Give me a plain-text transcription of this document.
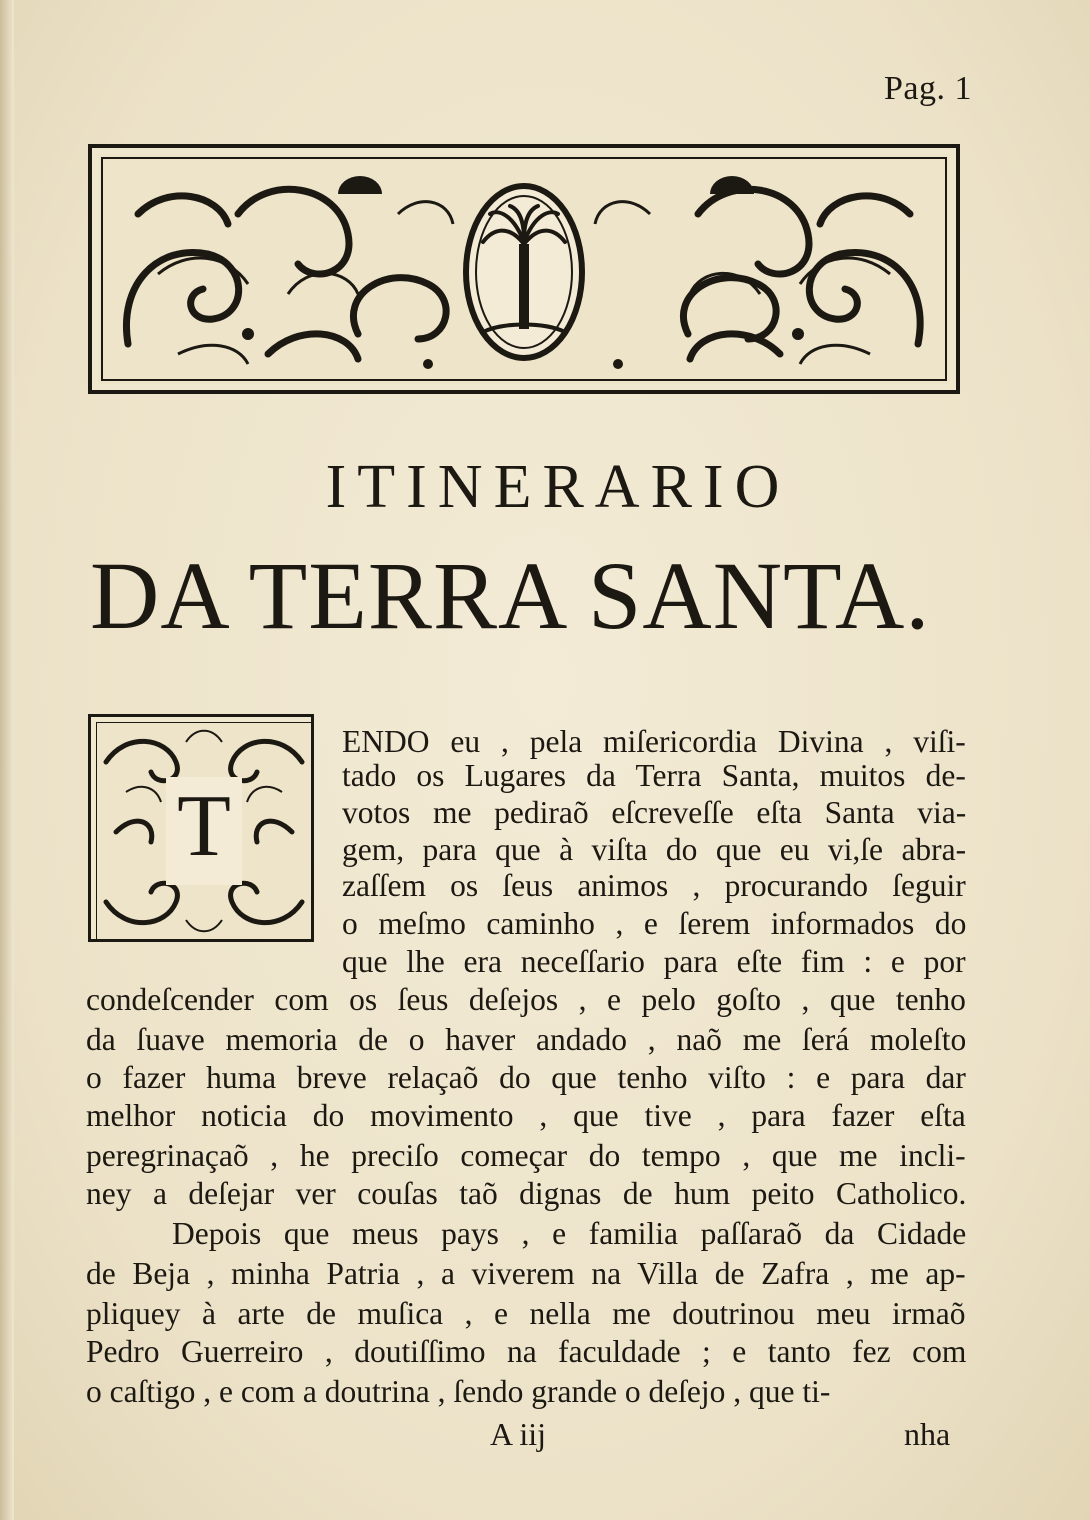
Pag. 1
ITINERARIO
DA TERRA SANTA.
T
ENDO eu , pela miſericordia Divina , viſi-
tado os Lugares da Terra Santa, muitos de-
votos me pediraõ eſcreveſſe eſta Santa via-
gem, para que à viſta do que eu vi,ſe abra-
zaſſem os ſeus animos , procurando ſeguir
o meſmo caminho , e ſerem informados do
que lhe era neceſſario para eſte fim : e por
condeſcender com os ſeus deſejos , e pelo goſto , que tenho
da ſuave memoria de o haver andado , naõ me ſerá moleſto
o fazer huma breve relaçaõ do que tenho viſto : e para dar
melhor noticia do movimento , que tive , para fazer eſta
peregrinaçaõ , he preciſo começar do tempo , que me incli-
ney a deſejar ver couſas taõ dignas de hum peito Catholico.
Depois que meus pays , e familia paſſaraõ da Cidade
de Beja , minha Patria , a viverem na Villa de Zafra , me ap-
pliquey à arte de muſica , e nella me doutrinou meu irmaõ
Pedro Guerreiro , doutiſſimo na faculdade ; e tanto fez com
o caſtigo , e com a doutrina , ſendo grande o deſejo , que ti-
A iij	nha
